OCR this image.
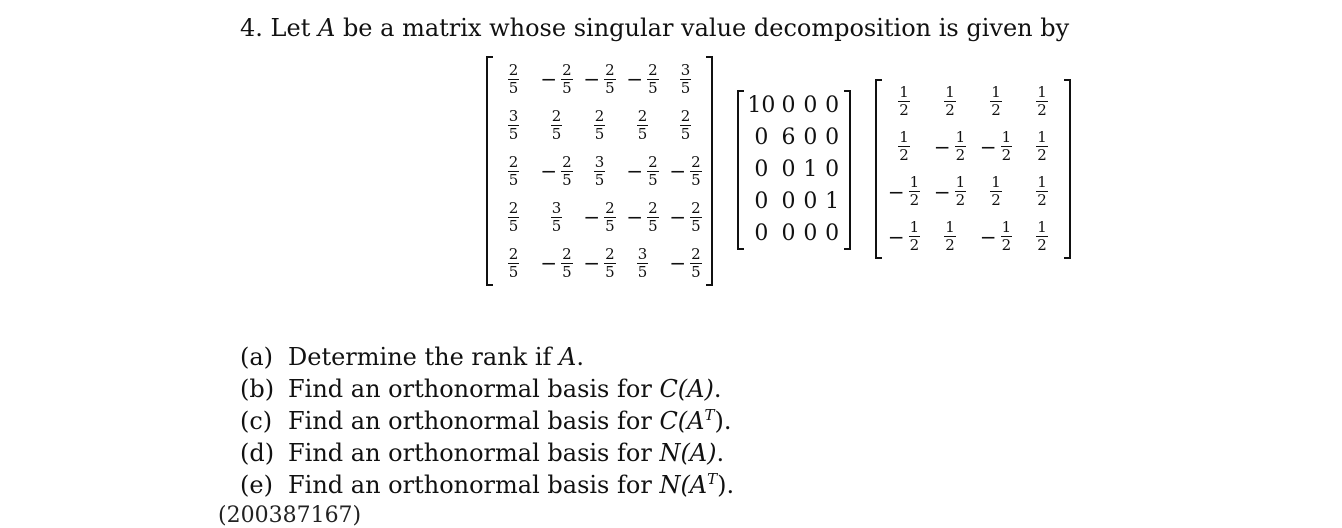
4. Let A be a matrix whose singular value decomposition is given by
$\frac{2}{5} - \frac{2}{5} - \frac{2}{5} - \frac{2}{5} \frac{3}{5}$
$\frac{3}{5} \frac{2}{5} \frac{2}{5} \frac{2}{5} \frac{2}{5}$
$\frac{2}{5} - \frac{2}{5} \frac{3}{5} - \frac{2}{5} - \frac{2}{5}$
$\frac{2}{5} \frac{3}{5} - \frac{2}{5} - \frac{2}{5} - \frac{2}{5}$
$\frac{2}{5} - \frac{2}{5} - \frac{2}{5} \frac{3}{5} - \frac{2}{5}$
10 0 0 0
0 6 0 0
0 0 1 0
0 0 0 1
0 0 0 0
$\frac{1}{2} \frac{1}{2} \frac{1}{2} \frac{1}{2}$
$\frac{1}{2} - \frac{1}{2} - \frac{1}{2} \frac{1}{2}$
− $\frac{1}{2} - \frac{1}{2} \frac{1}{2} \frac{1}{2}$
− $\frac{1}{2} \frac{1}{2} - \frac{1}{2} \frac{1}{2}$
(a) Determine the rank if A.
(b) Find an orthonormal basis for C(A).
(c) Find an orthonormal basis for $C(A^T)$.
(d) Find an orthonormal basis for N(A).
(e) Find an orthonormal basis for $N(A^T)$.
(200387167)
